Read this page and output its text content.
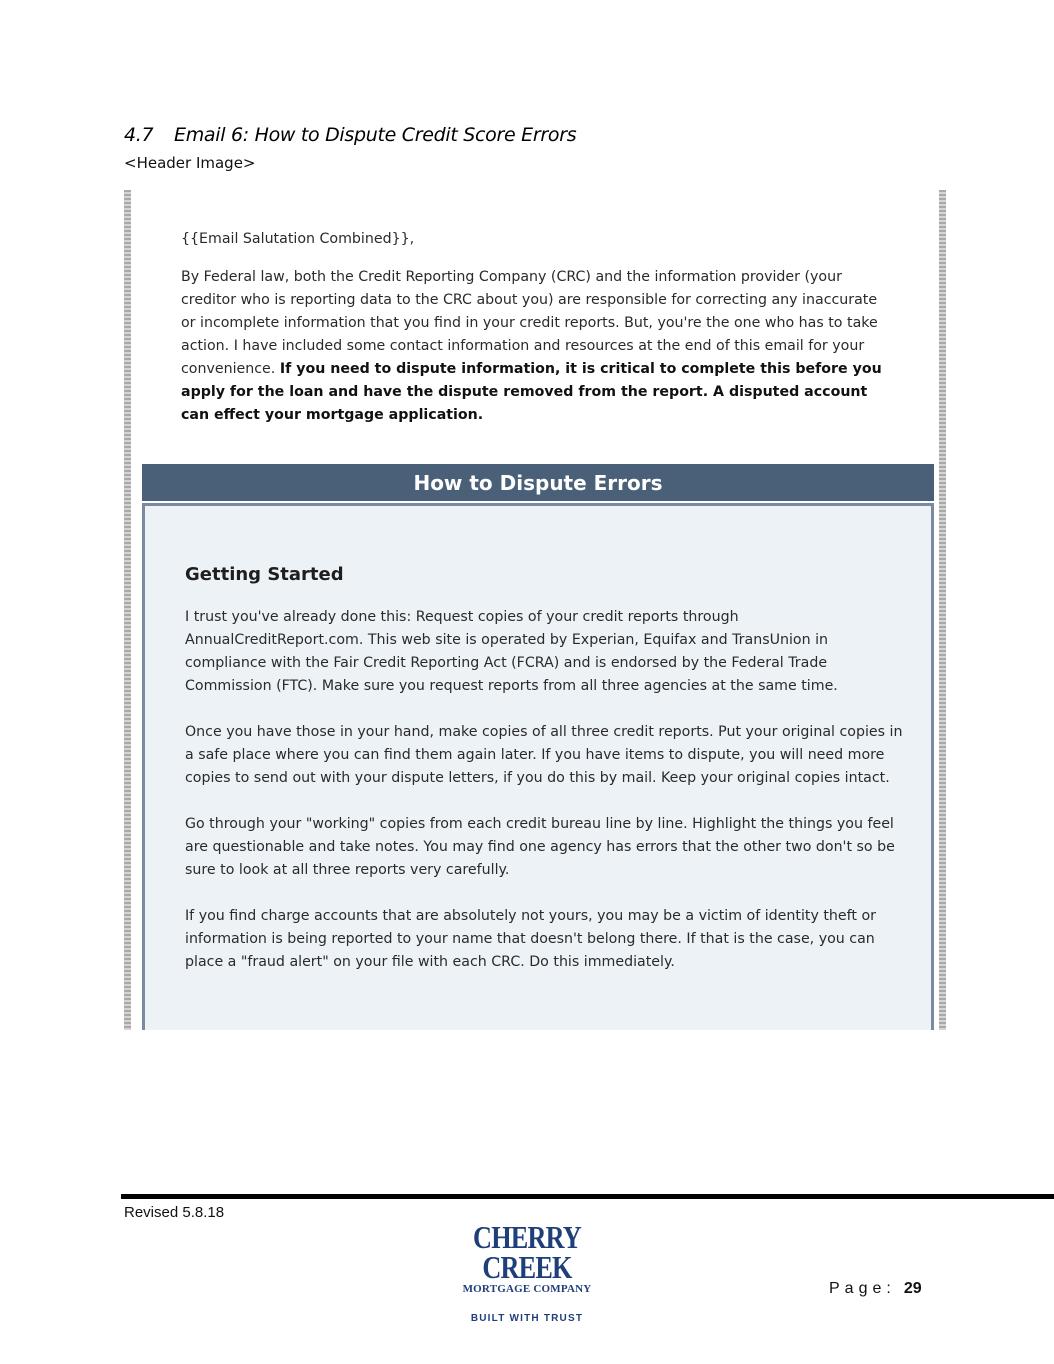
4.7 Email 6: How to Dispute Credit Score Errors
<Header Image>
{{Email Salutation Combined}},

By Federal law, both the Credit Reporting Company (CRC) and the information provider (your creditor who is reporting data to the CRC about you) are responsible for correcting any inaccurate or incomplete information that you find in your credit reports. But, you're the one who has to take action. I have included some contact information and resources at the end of this email for your convenience. If you need to dispute information, it is critical to complete this before you apply for the loan and have the dispute removed from the report. A disputed account can effect your mortgage application.

How to Dispute Errors
Getting Started

I trust you've already done this: Request copies of your credit reports through AnnualCreditReport.com. This web site is operated by Experian, Equifax and TransUnion in compliance with the Fair Credit Reporting Act (FCRA) and is endorsed by the Federal Trade Commission (FTC). Make sure you request reports from all three agencies at the same time.

Once you have those in your hand, make copies of all three credit reports. Put your original copies in a safe place where you can find them again later. If you have items to dispute, you will need more copies to send out with your dispute letters, if you do this by mail. Keep your original copies intact.

Go through your "working" copies from each credit bureau line by line. Highlight the things you feel are questionable and take notes. You may find one agency has errors that the other two don't so be sure to look at all three reports very carefully.

If you find charge accounts that are absolutely not yours, you may be a victim of identity theft or information is being reported to your name that doesn't belong there. If that is the case, you can place a "fraud alert" on your file with each CRC. Do this immediately.

Revised 5.8.18
CHERRY CREEK
MORTGAGE COMPANY
BUILT WITH TRUST
Page: 29
